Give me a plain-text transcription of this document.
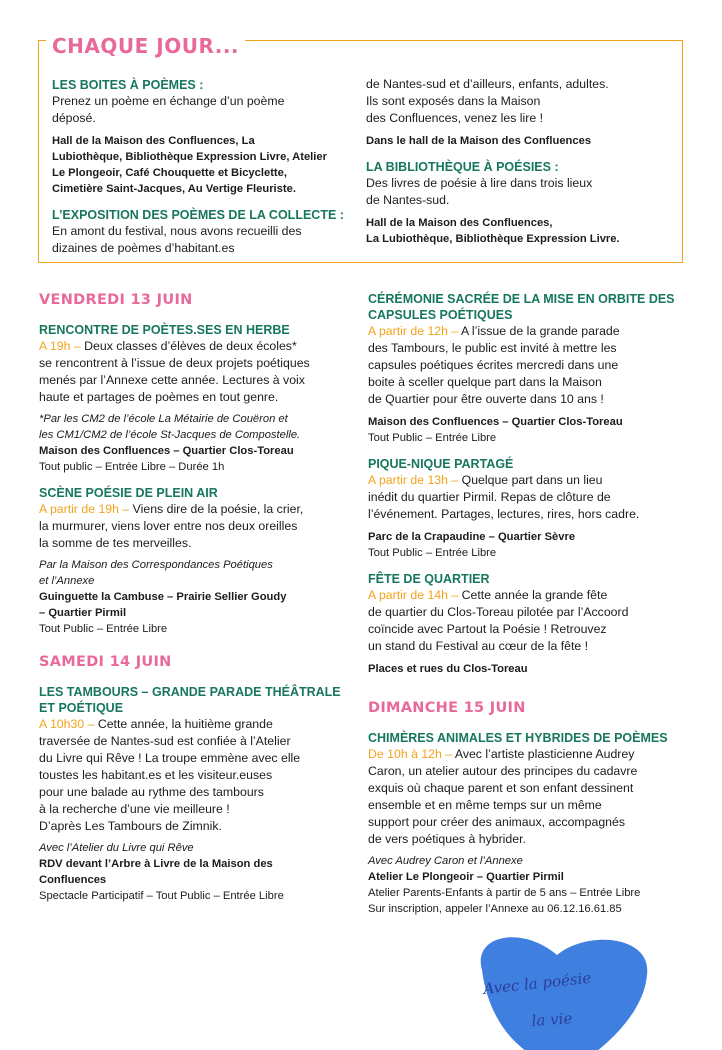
CHAQUE JOUR...

LES BOITES À POÈMES :

Prenez un poème en échange d’un poème
déposé.

Hall de la Maison des Confluences, La
Lubiothèque, Bibliothèque Expression Livre, Atelier
Le Plongeoir, Café Chouquette et Bicyclette,
Cimetière Saint-Jacques, Au Vertige Fleuriste.

L’EXPOSITION DES POÈMES DE LA COLLECTE :

En amont du festival, nous avons recueilli des
dizaines de poèmes d’habitant.es

de Nantes-sud et d’ailleurs, enfants, adultes.
Ils sont exposés dans la Maison
des Confluences, venez les lire !

Dans le hall de la Maison des Confluences

LA BIBLIOTHÈQUE À POÉSIES :

Des livres de poésie à lire dans trois lieux
de Nantes-sud.

Hall de la Maison des Confluences,
La Lubiothèque, Bibliothèque Expression Livre.

VENDREDI 13 JUIN

RENCONTRE DE POÈTES.SES EN HERBE

A 19h – Deux classes d’élèves de deux écoles*
se rencontrent à l’issue de deux projets poétiques
menés par l’Annexe cette année. Lectures à voix
haute et partages de poèmes en tout genre.

*Par les CM2 de l’école La Métairie de Couëron et
les CM1/CM2 de l’école St-Jacques de Compostelle.

Maison des Confluences – Quartier Clos-Toreau

Tout public – Entrée Libre – Durée 1h

SCÈNE POÉSIE DE PLEIN AIR

A partir de 19h – Viens dire de la poésie, la crier,
la murmurer, viens lover entre nos deux oreilles
la somme de tes merveilles.

Par la Maison des Correspondances Poétiques
et l’Annexe

Guinguette la Cambuse – Prairie Sellier Goudy
– Quartier Pirmil

Tout Public – Entrée Libre

SAMEDI 14 JUIN

LES TAMBOURS – GRANDE PARADE THÉÂTRALE
ET POÉTIQUE

A 10h30 – Cette année, la huitième grande
traversée de Nantes-sud est confiée à l’Atelier
du Livre qui Rêve ! La troupe emmène avec elle
toustes les habitant.es et les visiteur.euses
pour une balade au rythme des tambours
à la recherche d’une vie meilleure !
D’après Les Tambours de Zimnik.

Avec l’Atelier du Livre qui Rêve

RDV devant l’Arbre à Livre de la Maison des
Confluences

Spectacle Participatif – Tout Public – Entrée Libre

CÉRÉMONIE SACRÉE DE LA MISE EN ORBITE DES
CAPSULES POÉTIQUES

A partir de 12h – A l’issue de la grande parade
des Tambours, le public est invité à mettre les
capsules poétiques écrites mercredi dans une
boite à sceller quelque part dans la Maison
de Quartier pour être ouverte dans 10 ans !

Maison des Confluences – Quartier Clos-Toreau

Tout Public – Entrée Libre

PIQUE-NIQUE PARTAGÉ

A partir de 13h – Quelque part dans un lieu
inédit du quartier Pirmil. Repas de clôture de
l’événement. Partages, lectures, rires, hors cadre.

Parc de la Crapaudine – Quartier Sèvre

Tout Public – Entrée Libre

FÊTE DE QUARTIER

A partir de 14h – Cette année la grande fête
de quartier du Clos-Toreau pilotée par l’Accoord
coïncide avec Partout la Poésie ! Retrouvez
un stand du Festival au cœur de la fête !

Places et rues du Clos-Toreau

DIMANCHE 15 JUIN

CHIMÈRES ANIMALES ET HYBRIDES DE POÈMES

De 10h à 12h – Avec l’artiste plasticienne Audrey
Caron, un atelier autour des principes du cadavre
exquis où chaque parent et son enfant dessinent
ensemble et en même temps sur un même
support pour créer des animaux, accompagnés
de vers poétiques à hybrider.

Avec Audrey Caron et l’Annexe

Atelier Le Plongeoir – Quartier Pirmil

Atelier Parents-Enfants à partir de 5 ans – Entrée Libre
Sur inscription, appeler l’Annexe au 06.12.16.61.85

Avec la poésie
la vie
